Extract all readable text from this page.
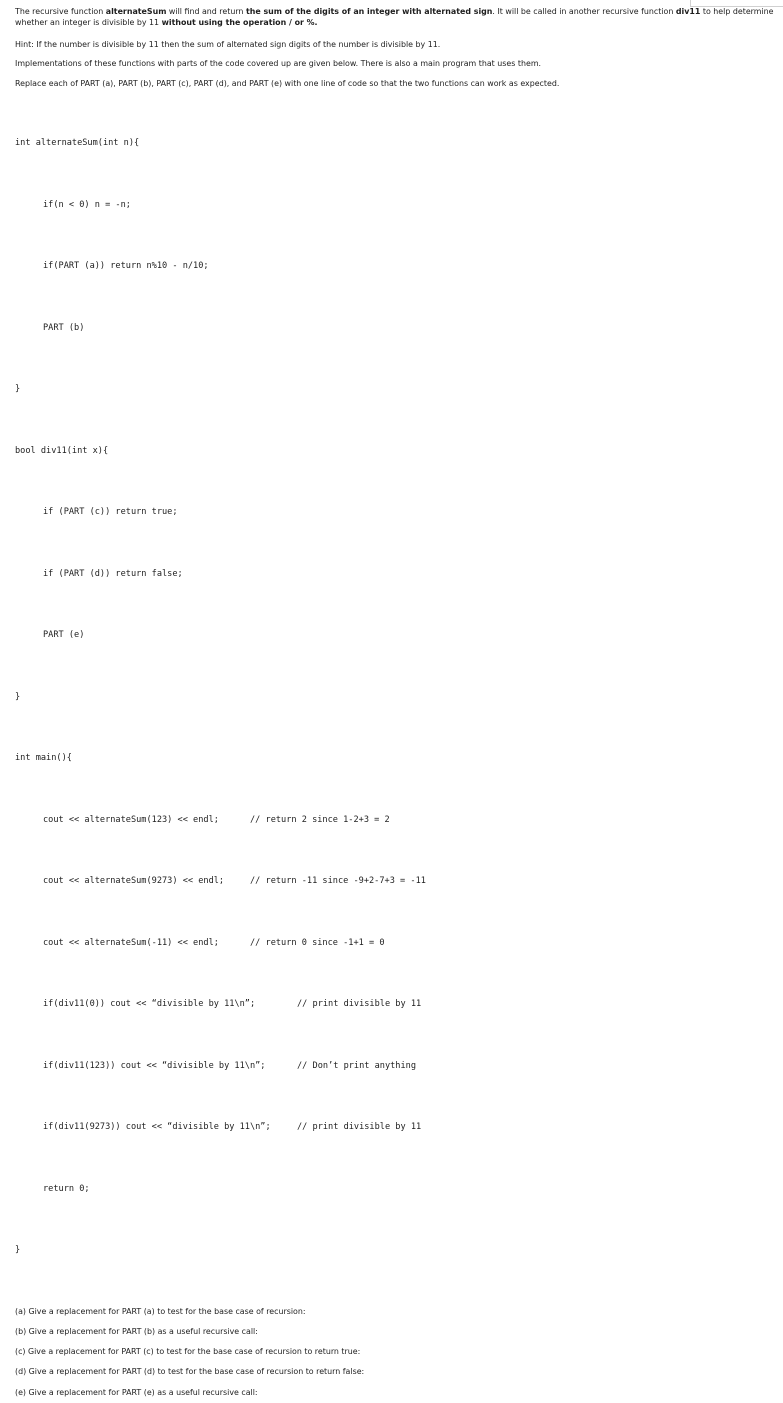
The recursive function alternateSum will find and return the sum of the digits of an integer with alternated sign. It will be called in another recursive function div11 to help determine whether an integer is divisible by 11 without using the operation / or %.

Hint: If the number is divisible by 11 then the sum of alternated sign digits of the number is divisible by 11.

Implementations of these functions with parts of the code covered up are given below. There is also a main program that uses them.

Replace each of PART (a), PART (b), PART (c), PART (d), and PART (e) with one line of code so that the two functions can work as expected.

int alternateSum(int n){

if(n < 0) n = -n;

if(PART (a)) return n%10 - n/10;

PART (b)

}

bool div11(int x){

if (PART (c)) return true;

if (PART (d)) return false;

PART (e)

}

int main(){

cout << alternateSum(123) << endl;	// return 2 since 1-2+3 = 2

cout << alternateSum(9273) << endl;	// return -11 since -9+2-7+3 = -11

cout << alternateSum(-11) << endl;	// return 0 since -1+1 = 0

if(div11(0)) cout << “divisible by 11\n”;	// print divisible by 11

if(div11(123)) cout << “divisible by 11\n”;	// Don’t print anything

if(div11(9273)) cout << “divisible by 11\n”;	// print divisible by 11

return 0;

}

(a) Give a replacement for PART (a) to test for the base case of recursion:

(b) Give a replacement for PART (b) as a useful recursive call:

(c) Give a replacement for PART (c) to test for the base case of recursion to return true:

(d) Give a replacement for PART (d) to test for the base case of recursion to return false:

(e) Give a replacement for PART (e) as a useful recursive call:
